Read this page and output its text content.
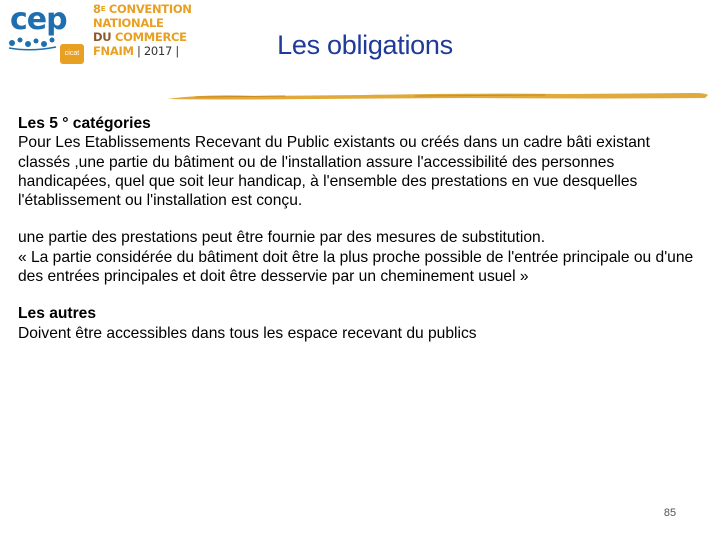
cep
cicat
$8^E$ CONVENTION
NATIONALE
DU COMMERCE
FNAIM | 2017 |	Les obligations

Les 5 ° catégories

Pour Les Etablissements Recevant du Public existants ou créés dans un cadre bâti existant classés ,une partie du bâtiment ou de l'installation assure l'accessibilité des personnes handicapées, quel que soit leur handicap, à l'ensemble des prestations en vue desquelles l'établissement ou l'installation est conçu.

une partie des prestations peut être fournie par des mesures de substitution.

« La partie considérée du bâtiment doit être la plus proche possible de l'entrée principale ou d'une des entrées principales et doit être desservie par un cheminement usuel »

Les autres

Doivent être accessibles dans tous les espace recevant du publics

85
